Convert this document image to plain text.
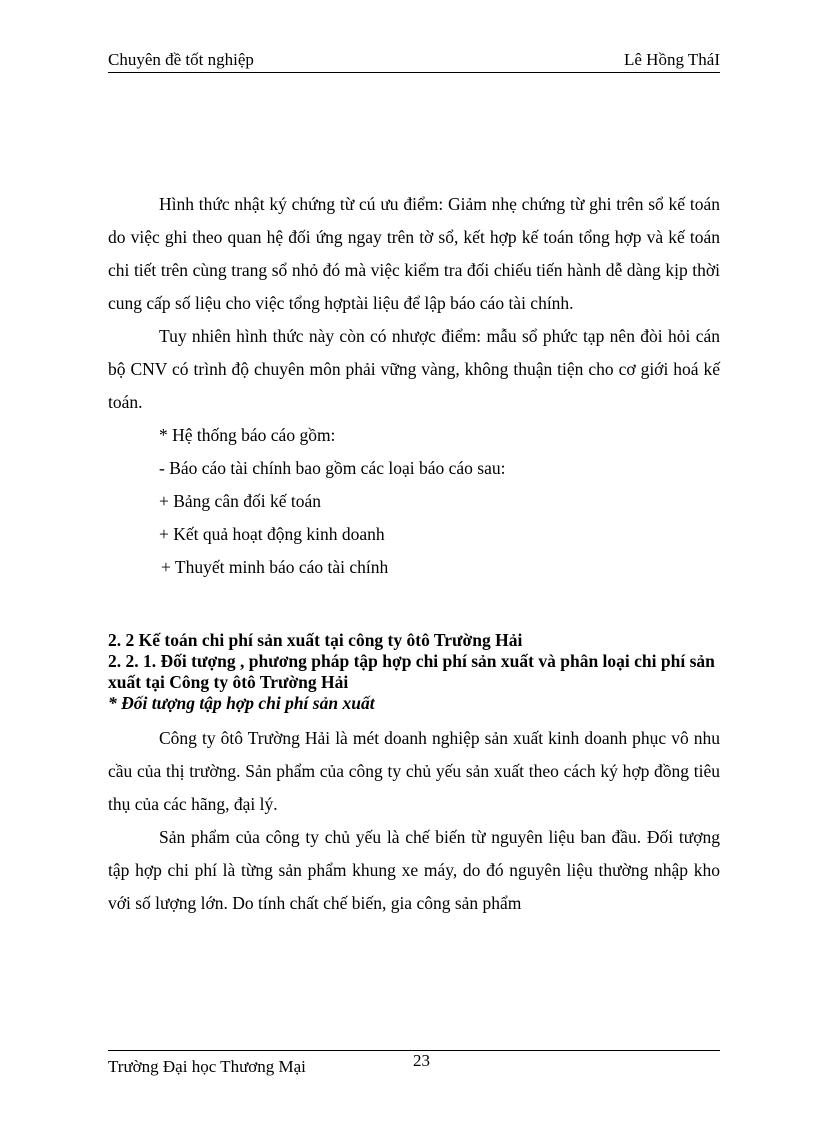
Chuyên đề tốt nghiệp	Lê Hồng TháI

Hình thức nhật ký chứng từ cú ưu điểm: Giảm nhẹ chứng từ ghi trên sổ kế toán do việc ghi theo quan hệ đối ứng ngay trên tờ sổ, kết hợp kế toán tổng hợp và kế toán chi tiết trên cùng trang sổ nhỏ đó mà việc kiểm tra đối chiếu tiến hành dễ dàng kịp thời cung cấp số liệu cho việc tổng hợptài liệu để lập báo cáo tài chính.

Tuy nhiên hình thức này còn có nhược điểm: mẫu sổ phức tạp nên đòi hỏi cán bộ CNV có trình độ chuyên môn phải vững vàng, không thuận tiện cho cơ giới hoá kế toán.

* Hệ thống báo cáo gồm:

- Báo cáo tài chính bao gồm các loại báo cáo sau:

+ Bảng cân đối kế toán

+ Kết quả hoạt động kinh doanh

+ Thuyết minh báo cáo tài chính

2. 2 Kế toán chi phí sản xuất tại công ty ôtô Trường Hải

2. 2. 1. Đối tượng , phương pháp tập hợp chi phí sản xuất và phân loại chi phí sản xuất tại Công ty ôtô Trường Hải

* Đối tượng tập hợp chi phí sản xuất

Công ty ôtô Trường Hải là mét doanh nghiệp sản xuất kinh doanh phục vô nhu cầu của thị trường. Sản phẩm của công ty chủ yếu sản xuất theo cách ký hợp đồng tiêu thụ của các hãng, đại lý.

Sản phẩm của công ty chủ yếu là chế biến từ nguyên liệu ban đầu. Đối tượng tập hợp chi phí là từng sản phẩm khung xe máy, do đó nguyên liệu thường nhập kho với số lượng lớn. Do tính chất chế biến, gia công sản phẩm

Trường Đại học Thương Mại	23
